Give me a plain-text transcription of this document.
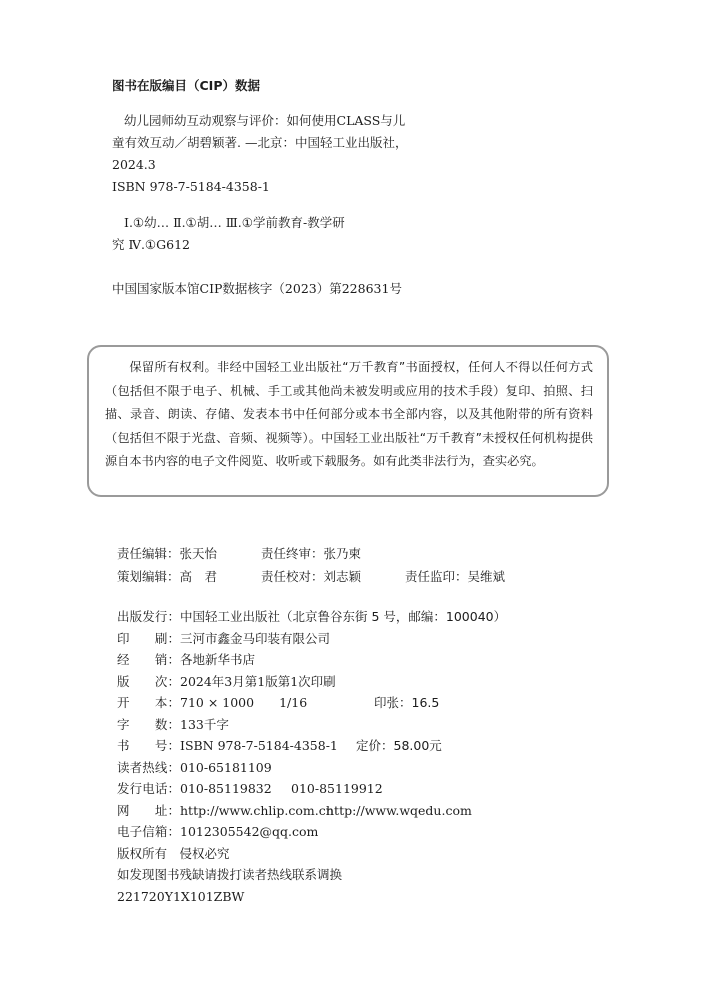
图书在版编目（CIP）数据
幼儿园师幼互动观察与评价：如何使用CLASS与儿
童有效互动／胡碧颖著. —北京：中国轻工业出版社，
2024.3
ISBN 978-7-5184-4358-1
Ⅰ.①幼… Ⅱ.①胡… Ⅲ.①学前教育-教学研
究 Ⅳ.①G612
中国国家版本馆CIP数据核字（2023）第228631号

保留所有权利。非经中国轻工业出版社“万千教育”书面授权，任何人不得以任何方式（包括但不限于电子、机械、手工或其他尚未被发明或应用的技术手段）复印、拍照、扫描、录音、朗读、存储、发表本书中任何部分或本书全部内容，以及其他附带的所有资料（包括但不限于光盘、音频、视频等）。中国轻工业出版社“万千教育”未授权任何机构提供源自本书内容的电子文件阅览、收听或下载服务。如有此类非法行为，查实必究。

责任编辑：张天怡	责任终审：张乃柬
策划编辑：高　君	责任校对：刘志颖	责任监印：吴维斌
出版发行：中国轻工业出版社（北京鲁谷东街 5 号，邮编：100040）
印　　刷：三河市鑫金马印装有限公司
经　　销：各地新华书店
版　　次：2024年3月第1版第1次印刷
开　　本：710 × 1000　　1/16	印张：16.5
字　　数：133千字
书　　号：ISBN 978-7-5184-4358-1 定价：58.00元
读者热线：010-65181109
发行电话：010-85119832 010-85119912
网　　址：http://www.chlip.com.cn
http://www.wqedu.com
电子信箱：1012305542@qq.com
版权所有　侵权必究
如发现图书残缺请拨打读者热线联系调换
221720Y1X101ZBW
